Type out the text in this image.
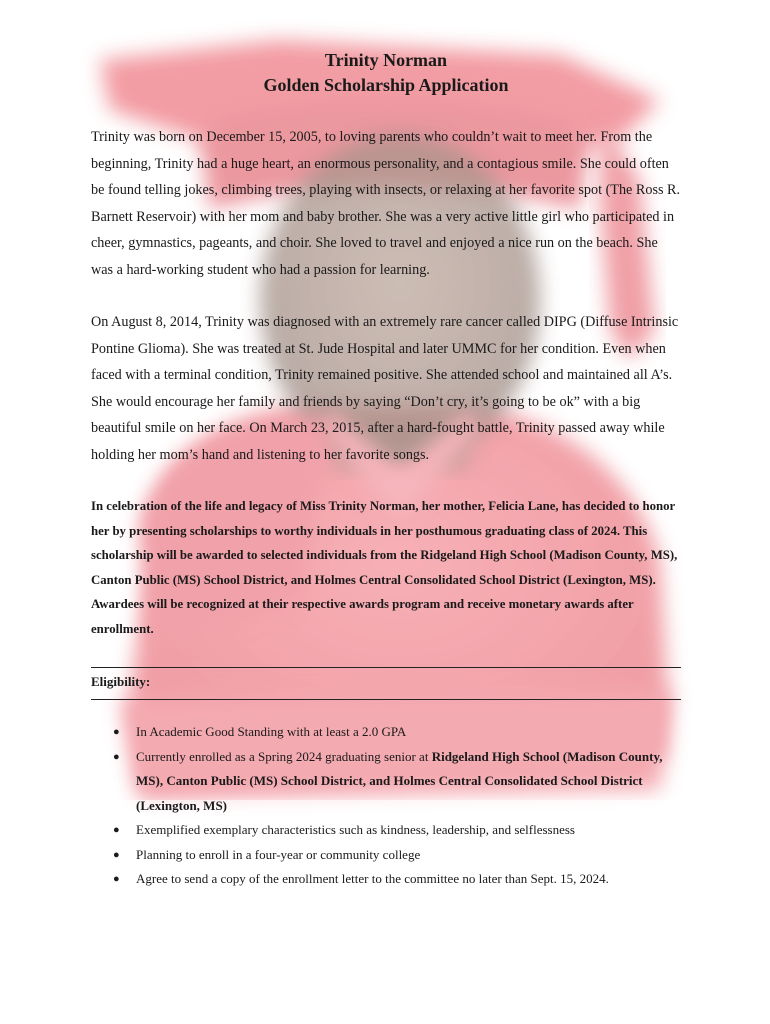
Trinity Norman
Golden Scholarship Application

Trinity was born on December 15, 2005, to loving parents who couldn’t wait to meet her. From the beginning, Trinity had a huge heart, an enormous personality, and a contagious smile. She could often be found telling jokes, climbing trees, playing with insects, or relaxing at her favorite spot (The Ross R. Barnett Reservoir) with her mom and baby brother. She was a very active little girl who participated in cheer, gymnastics, pageants, and choir. She loved to travel and enjoyed a nice run on the beach. She was a hard-working student who had a passion for learning.

On August 8, 2014, Trinity was diagnosed with an extremely rare cancer called DIPG (Diffuse Intrinsic Pontine Glioma). She was treated at St. Jude Hospital and later UMMC for her condition. Even when faced with a terminal condition, Trinity remained positive. She attended school and maintained all A’s. She would encourage her family and friends by saying “Don’t cry, it’s going to be ok” with a big beautiful smile on her face. On March 23, 2015, after a hard-fought battle, Trinity passed away while holding her mom’s hand and listening to her favorite songs.

In celebration of the life and legacy of Miss Trinity Norman, her mother, Felicia Lane, has decided to honor her by presenting scholarships to worthy individuals in her posthumous graduating class of 2024. This scholarship will be awarded to selected individuals from the Ridgeland High School (Madison County, MS), Canton Public (MS) School District, and Holmes Central Consolidated School District (Lexington, MS). Awardees will be recognized at their respective awards program and receive monetary awards after enrollment.

Eligibility:
● In Academic Good Standing with at least a 2.0 GPA
● Currently enrolled as a Spring 2024 graduating senior at Ridgeland High School (Madison County, MS), Canton Public (MS) School District, and Holmes Central Consolidated School District (Lexington, MS)
● Exemplified exemplary characteristics such as kindness, leadership, and selflessness
● Planning to enroll in a four-year or community college
● Agree to send a copy of the enrollment letter to the committee no later than Sept. 15, 2024.
